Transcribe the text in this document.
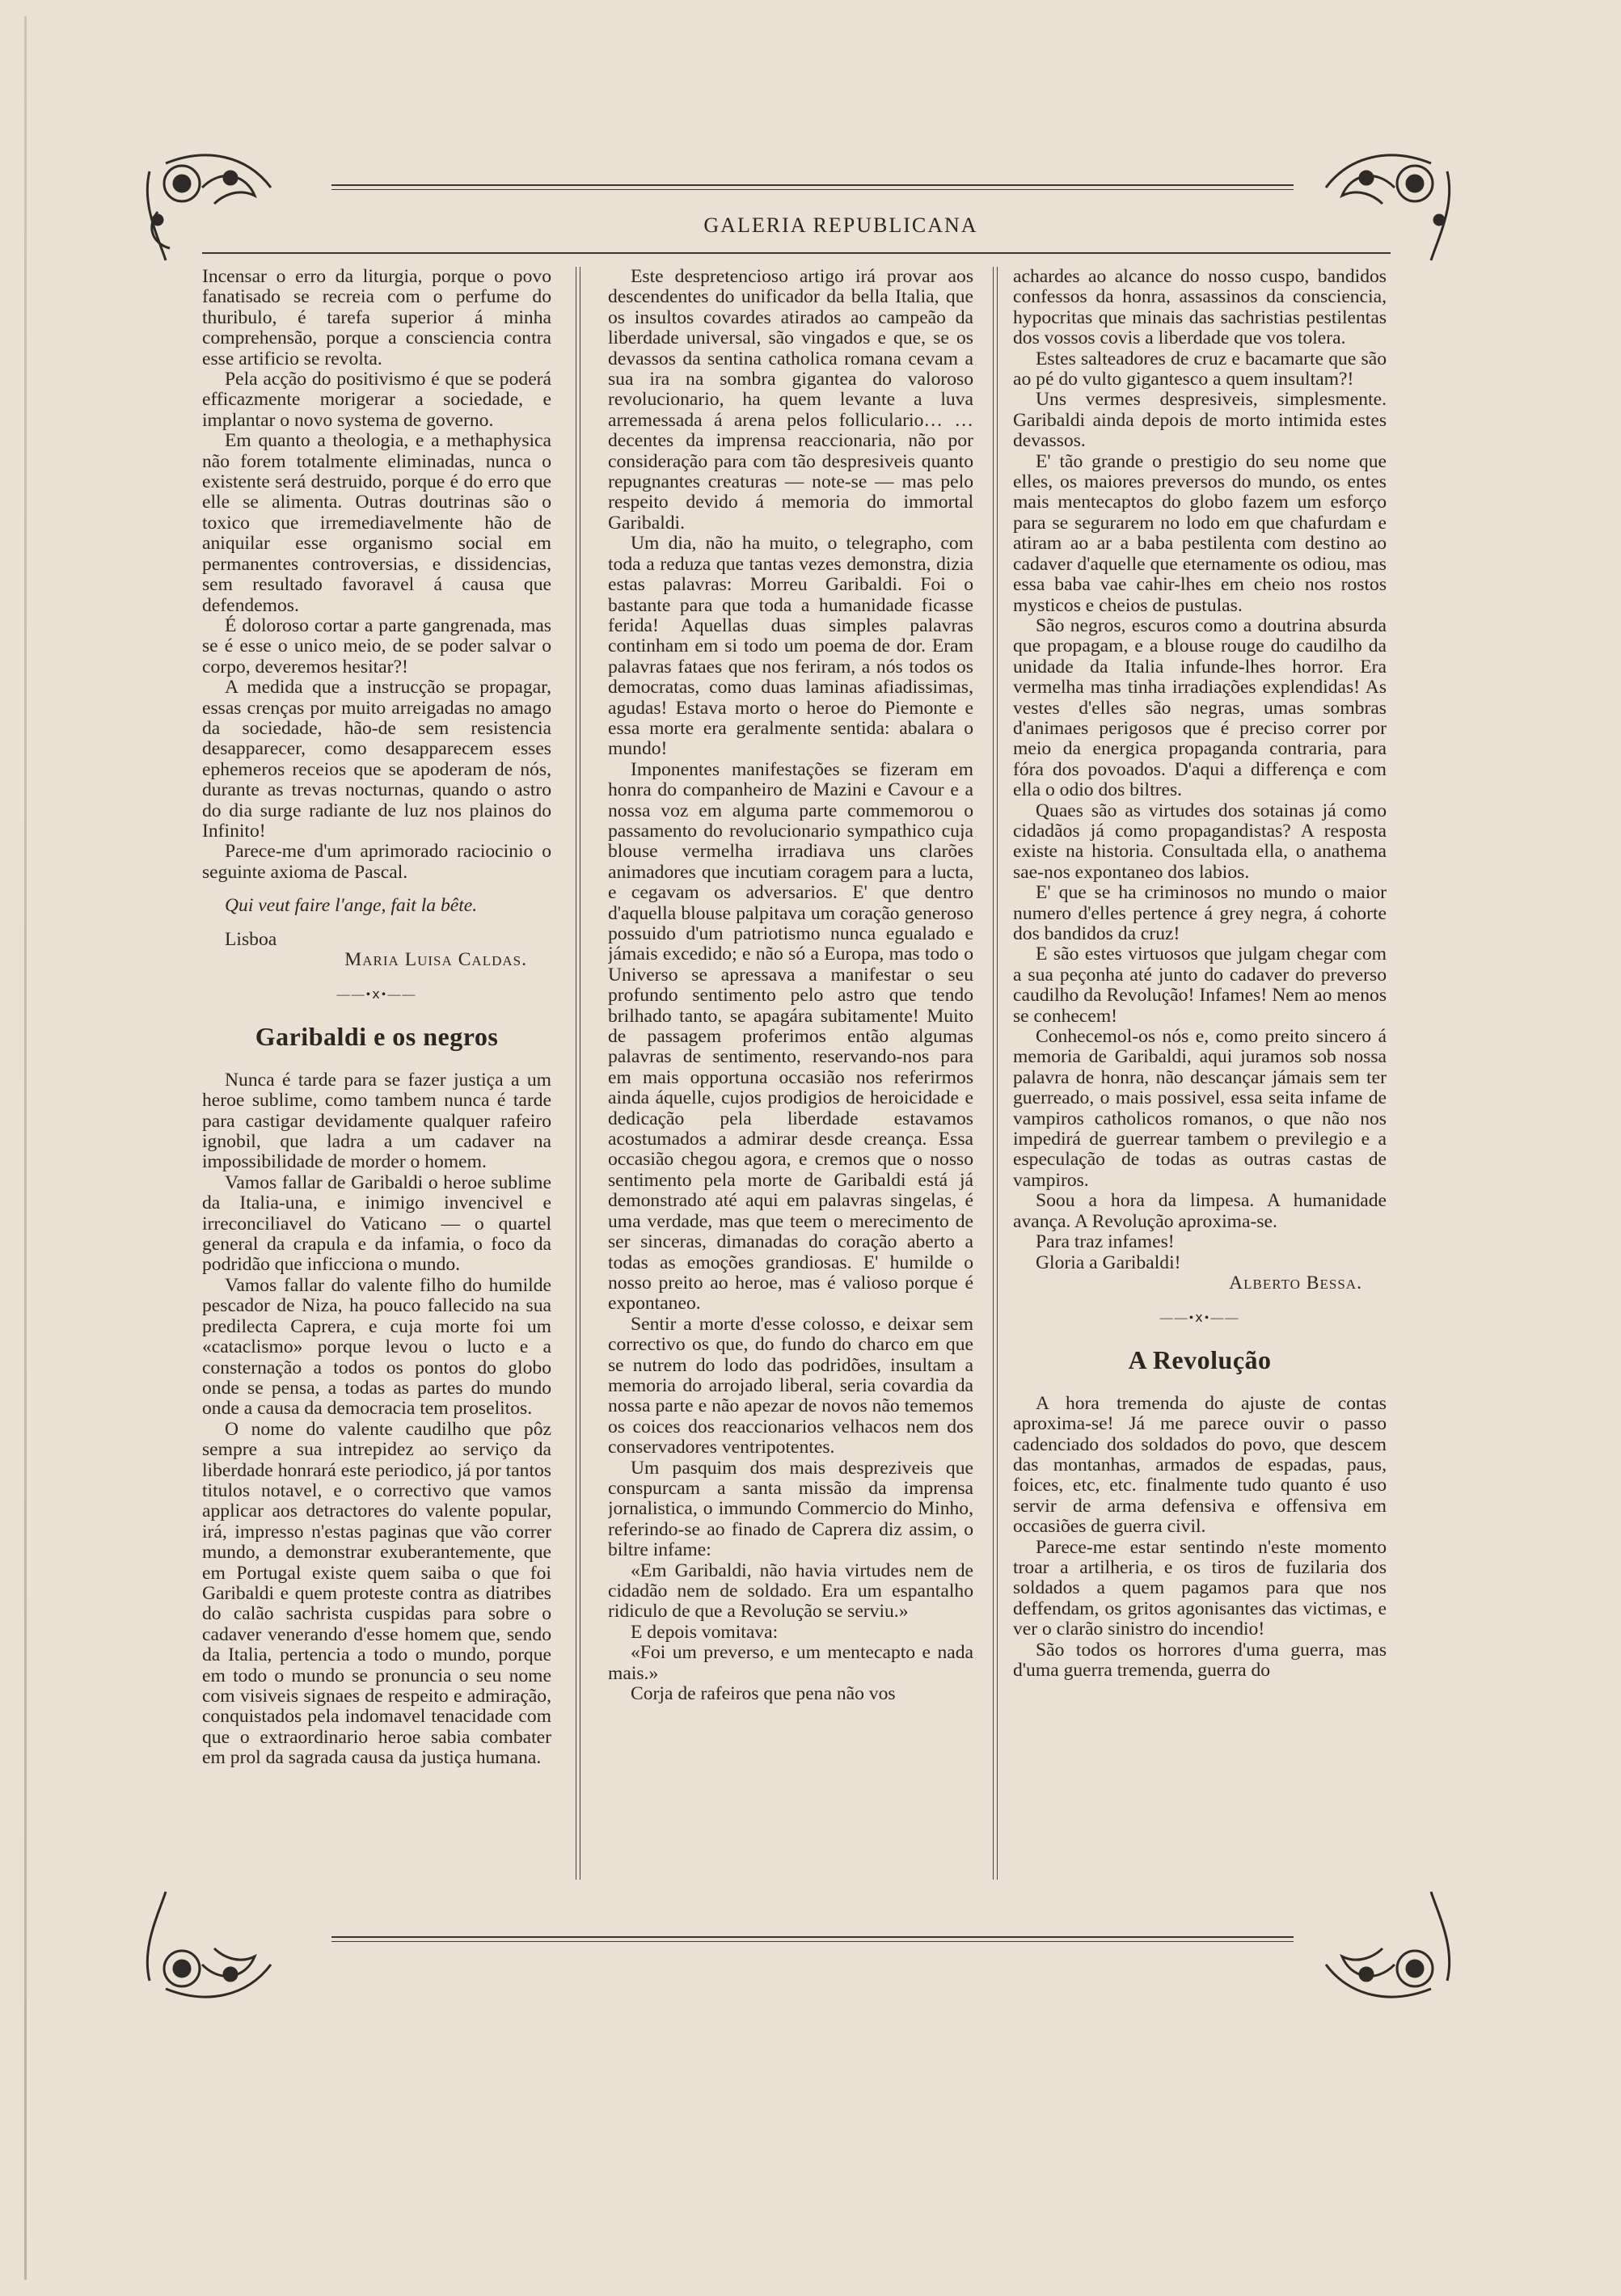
GALERIA REPUBLICANA

Incensar o erro da liturgia, porque o povo fanatisado se recreia com o perfume do thuribulo, é tarefa superior á minha comprehensão, porque a consciencia contra esse artificio se revolta.

Pela acção do positivismo é que se poderá efficazmente morigerar a sociedade, e implantar o novo systema de governo.

Em quanto a theologia, e a methaphysica não forem totalmente eliminadas, nunca o existente será destruido, porque é do erro que elle se alimenta. Outras doutrinas são o toxico que irremediavelmente hão de aniquilar esse organismo social em permanentes controversias, e dissidencias, sem resultado favoravel á causa que defendemos.

É doloroso cortar a parte gangrenada, mas se é esse o unico meio, de se poder salvar o corpo, deveremos hesitar?!

A medida que a instrucção se propagar, essas crenças por muito arreigadas no amago da sociedade, hão-de sem resistencia desapparecer, como desapparecem esses ephemeros receios que se apoderam de nós, durante as trevas nocturnas, quando o astro do dia surge radiante de luz nos plainos do Infinito!

Parece-me d'um aprimorado raciocinio o seguinte axioma de Pascal.

Qui veut faire l'ange, fait la bête.

Lisboa

Maria Luisa Caldas.
——•ⅹ•——
Garibaldi e os negros

Nunca é tarde para se fazer justiça a um heroe sublime, como tambem nunca é tarde para castigar devidamente qualquer rafeiro ignobil, que ladra a um cadaver na impossibilidade de morder o homem.

Vamos fallar de Garibaldi o heroe sublime da Italia-una, e inimigo invencivel e irreconciliavel do Vaticano — o quartel general da crapula e da infamia, o foco da podridão que inficciona o mundo.

Vamos fallar do valente filho do humilde pescador de Niza, ha pouco fallecido na sua predilecta Caprera, e cuja morte foi um «cataclismo» porque levou o lucto e a consternação a todos os pontos do globo onde se pensa, a todas as partes do mundo onde a causa da democracia tem proselitos.

O nome do valente caudilho que pôz sempre a sua intrepidez ao serviço da liberdade honrará este periodico, já por tantos titulos notavel, e o correctivo que vamos applicar aos detractores do valente popular, irá, impresso n'estas paginas que vão correr mundo, a demonstrar exuberantemente, que em Portugal existe quem saiba o que foi Garibaldi e quem proteste contra as diatribes do calão sachrista cuspidas para sobre o cadaver venerando d'esse homem que, sendo da Italia, pertencia a todo o mundo, porque em todo o mundo se pronuncia o seu nome com visiveis signaes de respeito e admiração, conquistados pela indomavel tenacidade com que o extraordinario heroe sabia combater em prol da sagrada causa da justiça humana.

Este despretencioso artigo irá provar aos descendentes do unificador da bella Italia, que os insultos covardes atirados ao campeão da liberdade universal, são vingados e que, se os devassos da sentina catholica romana cevam a sua ira na sombra gigantea do valoroso revolucionario, ha quem levante a luva arremessada á arena pelos folliculario… …decentes da imprensa reaccionaria, não por consideração para com tão despresiveis quanto repugnantes creaturas — note-se — mas pelo respeito devido á memoria do immortal Garibaldi.

Um dia, não ha muito, o telegrapho, com toda a reduza que tantas vezes demonstra, dizia estas palavras: Morreu Garibaldi. Foi o bastante para que toda a humanidade ficasse ferida! Aquellas duas simples palavras continham em si todo um poema de dor. Eram palavras fataes que nos feriram, a nós todos os democratas, como duas laminas afiadissimas, agudas! Estava morto o heroe do Piemonte e essa morte era geralmente sentida: abalara o mundo!

Imponentes manifestações se fizeram em honra do companheiro de Mazini e Cavour e a nossa voz em alguma parte commemorou o passamento do revolucionario sympathico cuja blouse vermelha irradiava uns clarões animadores que incutiam coragem para a lucta, e cegavam os adversarios. E' que dentro d'aquella blouse palpitava um coração generoso possuido d'um patriotismo nunca egualado e jámais excedido; e não só a Europa, mas todo o Universo se apressava a manifestar o seu profundo sentimento pelo astro que tendo brilhado tanto, se apagára subitamente! Muito de passagem proferimos então algumas palavras de sentimento, reservando-nos para em mais opportuna occasião nos referirmos ainda áquelle, cujos prodigios de heroicidade e dedicação pela liberdade estavamos acostumados a admirar desde creança. Essa occasião chegou agora, e cremos que o nosso sentimento pela morte de Garibaldi está já demonstrado até aqui em palavras singelas, é uma verdade, mas que teem o merecimento de ser sinceras, dimanadas do coração aberto a todas as emoções grandiosas. E' humilde o nosso preito ao heroe, mas é valioso porque é expontaneo.

Sentir a morte d'esse colosso, e deixar sem correctivo os que, do fundo do charco em que se nutrem do lodo das podridões, insultam a memoria do arrojado liberal, seria covardia da nossa parte e não apezar de novos não tememos os coices dos reaccionarios velhacos nem dos conservadores ventripotentes.

Um pasquim dos mais despreziveis que conspurcam a santa missão da imprensa jornalistica, o immundo Commercio do Minho, referindo-se ao finado de Caprera diz assim, o biltre infame:

«Em Garibaldi, não havia virtudes nem de cidadão nem de soldado. Era um espantalho ridiculo de que a Revolução se serviu.»

E depois vomitava:

«Foi um preverso, e um mentecapto e nada mais.»

Corja de rafeiros que pena não vos

achardes ao alcance do nosso cuspo, bandidos confessos da honra, assassinos da consciencia, hypocritas que minais das sachristias pestilentas dos vossos covis a liberdade que vos tolera.

Estes salteadores de cruz e bacamarte que são ao pé do vulto gigantesco a quem insultam?!

Uns vermes despresiveis, simplesmente. Garibaldi ainda depois de morto intimida estes devassos.

E' tão grande o prestigio do seu nome que elles, os maiores preversos do mundo, os entes mais mentecaptos do globo fazem um esforço para se segurarem no lodo em que chafurdam e atiram ao ar a baba pestilenta com destino ao cadaver d'aquelle que eternamente os odiou, mas essa baba vae cahir-lhes em cheio nos rostos mysticos e cheios de pustulas.

São negros, escuros como a doutrina absurda que propagam, e a blouse rouge do caudilho da unidade da Italia infunde-lhes horror. Era vermelha mas tinha irradiações explendidas! As vestes d'elles são negras, umas sombras d'animaes perigosos que é preciso correr por meio da energica propaganda contraria, para fóra dos povoados. D'aqui a differença e com ella o odio dos biltres.

Quaes são as virtudes dos sotainas já como cidadãos já como propagandistas? A resposta existe na historia. Consultada ella, o anathema sae-nos expontaneo dos labios.

E' que se ha criminosos no mundo o maior numero d'elles pertence á grey negra, á cohorte dos bandidos da cruz!

E são estes virtuosos que julgam chegar com a sua peçonha até junto do cadaver do preverso caudilho da Revolução! Infames! Nem ao menos se conhecem!

Conhecemol-os nós e, como preito sincero á memoria de Garibaldi, aqui juramos sob nossa palavra de honra, não descançar jámais sem ter guerreado, o mais possivel, essa seita infame de vampiros catholicos romanos, o que não nos impedirá de guerrear tambem o previlegio e a especulação de todas as outras castas de vampiros.

Soou a hora da limpesa. A humanidade avança. A Revolução aproxima-se.

Para traz infames!

Gloria a Garibaldi!

Alberto Bessa.
——•ⅹ•——
A Revolução

A hora tremenda do ajuste de contas aproxima-se! Já me parece ouvir o passo cadenciado dos soldados do povo, que descem das montanhas, armados de espadas, paus, foices, etc, etc. finalmente tudo quanto é uso servir de arma defensiva e offensiva em occasiões de guerra civil.

Parece-me estar sentindo n'este momento troar a artilheria, e os tiros de fuzilaria dos soldados a quem pagamos para que nos deffendam, os gritos agonisantes das victimas, e ver o clarão sinistro do incendio!

São todos os horrores d'uma guerra, mas d'uma guerra tremenda, guerra do
